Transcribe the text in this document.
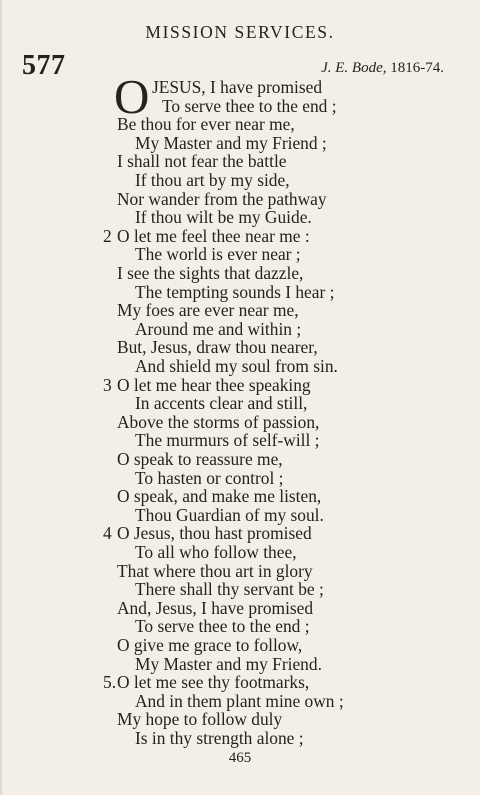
MISSION SERVICES.
577	J. E. Bode, 1816-74.
O JESUS, I have promised
To serve thee to the end ;
Be thou for ever near me,
My Master and my Friend ;
I shall not fear the battle
If thou art by my side,
Nor wander from the pathway
If thou wilt be my Guide.
O let me feel thee near me :
2
The world is ever near ;
I see the sights that dazzle,
The tempting sounds I hear ;
My foes are ever near me,
Around me and within ;
But, Jesus, draw thou nearer,
And shield my soul from sin.
O let me hear thee speaking
3
In accents clear and still,
Above the storms of passion,
The murmurs of self-will ;
O speak to reassure me,
To hasten or control ;
O speak, and make me listen,
Thou Guardian of my soul.
O Jesus, thou hast promised
4
To all who follow thee,
That where thou art in glory
There shall thy servant be ;
And, Jesus, I have promised
To serve thee to the end ;
O give me grace to follow,
My Master and my Friend.
O let me see thy footmarks,
5.
And in them plant mine own ;
My hope to follow duly
Is in thy strength alone ;
465
